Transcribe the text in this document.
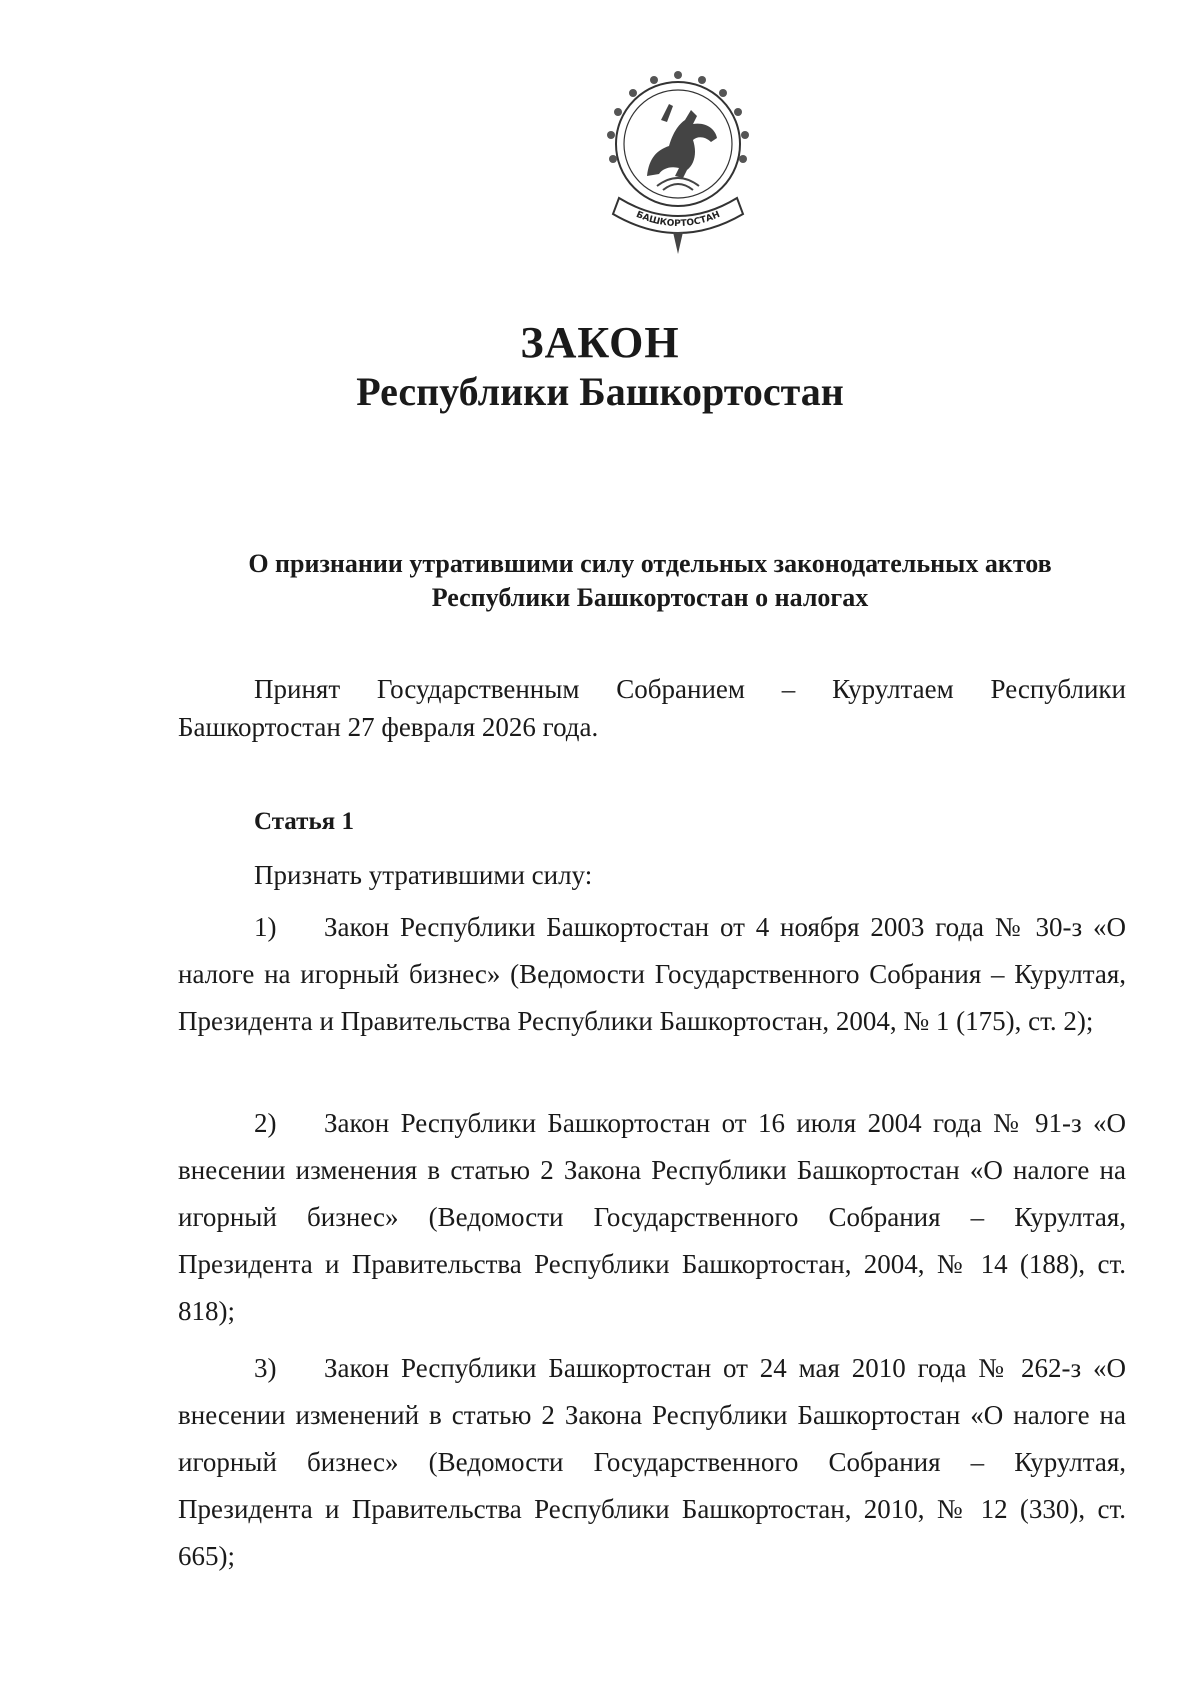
БАШКОРТОСТАН
ЗАКОН
Республики Башкортостан
О признании утратившими силу отдельных законодательных актов
Республики Башкортостан о налогах
Принят Государственным Собранием – Курултаем Республики Башкортостан 27 февраля 2026 года.
Статья 1
Признать утратившими силу:
1) Закон Республики Башкортостан от 4 ноября 2003 года № 30-з «О налоге на игорный бизнес» (Ведомости Государственного Собрания – Курултая, Президента и Правительства Республики Башкортостан, 2004, № 1 (175), ст. 2);
2) Закон Республики Башкортостан от 16 июля 2004 года № 91-з «О внесении изменения в статью 2 Закона Республики Башкортостан «О налоге на игорный бизнес» (Ведомости Государственного Собрания – Курултая, Президента и Правительства Республики Башкортостан, 2004, № 14 (188), ст. 818);
3) Закон Республики Башкортостан от 24 мая 2010 года № 262-з «О внесении изменений в статью 2 Закона Республики Башкортостан «О налоге на игорный бизнес» (Ведомости Государственного Собрания – Курултая, Президента и Правительства Республики Башкортостан, 2010, № 12 (330), ст. 665);
